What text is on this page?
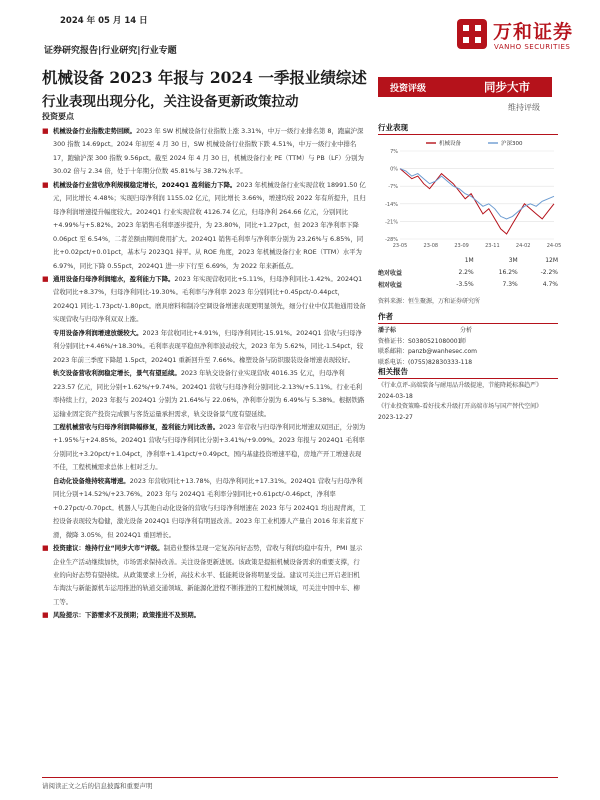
2024 年 05 月 14 日
证券研究报告|行业研究|行业专题
万和证券
VANHO SECURITIES
机械设备 2023 年报与 2024 一季报业绩综述
行业表现出现分化，关注设备更新政策拉动
投资要点

■ 机械设备行业指数走势回顾。2023 年 SW 机械设备行业指数上涨 3.31%，中万一级行业排名第 8，跑赢沪深 300 指数 14.69pct。2024 年初至 4 月 30 日，SW 机械设备行业指数下跌 4.51%，中万一级行业中排名 17，跑输沪深 300 指数 9.56pct。截至 2024 年 4 月 30 日，机械设备行业 PE（TTM）与 PB（LF）分别为 30.02 倍与 2.34 倍，处于十年期分位数 45.81%与 38.72%水平。

■ 机械设备行业营收净利规模稳定增长，2024Q1 盈利能力下降。2023 年机械设备行业实现营收 18991.50 亿元，同比增长 4.48%；实现归母净利润 1155.02 亿元，同比增长 3.66%，增速均较 2022 年有所提升，且归母净利润增速提升幅度较大。2024Q1 行业实现营收 4126.74 亿元，归母净利 264.66 亿元，分别同比+4.99%与+5.82%。2023 年销售毛利率逐步提升，为 23.80%，同比+1.27pct，但 2023 年净利率下降 0.06pct 至 6.54%，二者差额由期间费用扩大。2024Q1 销售毛利率与净利率分别为 23.26%与 6.85%，同比+0.02pct/+0.01pct，基本与 2023Q1 持平。从 ROE 角度，2023 年机械设备行业 ROE（TTM）水平为 6.97%，同比下降 0.55pct，2024Q1 进一步下行至 6.69%，为 2022 年来新低点。

■ 通用设备归母净利润缩水，盈利能力下降。2023 年实现营收同比+5.11%，归母净利同比-1.42%。2024Q1 营收同比+8.37%，归母净利同比-19.30%。毛利率与净利率 2023 年分别同比+0.45pct/-0.44pct，2024Q1 同比-1.73pct/-1.80pct。磨具磨料和制冷空调设备增速表现更明显领先，细分行业中仅其他通用设备实现营收与归母净利双双上涨。

专用设备净利润增速放缓较大。2023 年营收同比+4.91%，归母净利同比-15.91%。2024Q1 营收与归母净利分别同比+4.46%/+18.30%。毛利率表现平稳但净利率波动较大，2023 年为 5.62%，同比-1.54pct，较 2023 年前三季度下降超 1.5pct，2024Q1 重新回升至 7.66%。橡塑设备与防织服装设备增速表现较好。
轨交设备营收利润稳定增长，景气有望延续。2023 年轨交设备行业实现营收 4016.35 亿元，归母净利 223.57 亿元，同比分别+1.62%/+9.74%。2024Q1 营收与归母净利分别同比-2.13%/+5.11%。行业毛利率持续上行，2023 年报与 2024Q1 分别为 21.64%与 22.06%，净利率分别为 6.49%与 5.38%。根据铁路运输业固定资产投资完成额与客货运量承担需求，轨交设备景气度有望延续。
工程机械营收与归母净利润降幅修复，盈利能力同比改善。2023 年营收与归母净利同比增速双双回正，分别为+1.95%与+24.85%。2024Q1 营收与归母净利同比分别+3.41%/+9.09%。2023 年报与 2024Q1 毛利率分别同比+3.20pct/+1.04pct，净利率+1.41pct/+0.49pct。国内基建投资增速平稳，房地产开工增速表现不佳，工程机械需求总体上相对乏力。
自动化设备维持较高增速。2023 年营收同比+13.78%，归母净利同比+17.31%。2024Q1 营收与归母净利同比分别+14.52%/+23.76%。2023 年与 2024Q1 毛利率分别同比+0.61pct/-0.46pct，净利率+0.27pct/-0.70pct。机器人与其他自动化设备的营收与归母净利增速在 2023 年与 2024Q1 均出现背离，工控设备表现较为稳健，激光设备 2024Q1 归母净利有明显改善。2023 年工业机器人产量自 2016 年来首度下滑，微降 3.05%，但 2024Q1 重回增长。

■ 投资建议：维持行业“同步大市”评级。制造业整体呈现一定复苏向好态势，营收与利润均稳中有升，PMI 显示企业生产活动继续加快，市场需求保持改善。关注设备更新进展。该政策是提振机械设备需求的重要支撑，行业的向好态势有望持续。从政策要求上分析，高技术水平、低能耗设备将明显受益。建议可关注已开启老旧机车淘汰与新能源机车运用推进的轨道交通领域、新能源化进程不断推进的工程机械领域，可关注中国中车、柳工等。

■ 风险提示：下游需求不及预期；政策推进不及预期。

投资评级	同步大市
维持评级
行业表现
7%
0%
-7%
-14%
-21%
-28%
23-05	23-08	23-09	23-11	24-02	24-05
机械设备	沪深300
	1M	3M	12M
绝对收益	2.2%	16.2%	-2.2%
相对收益	-3.5%	7.3%	4.7%
资料来源：恒生聚源，万和证券研究所
作者
潘子标	分析师
资格证书：S0380521080001
联系邮箱：panzb@wanhesec.com
联系电话：(0755)82830333-118
相关报告
《行业点评-高端装备与耐用品升级提速，节能降耗标准趋严》 2024-03-18
《行业投资策略-看好技术升级打开高端市场与国产替代空间》 2023-12-27
请阅读正文之后的信息披露和重要声明
